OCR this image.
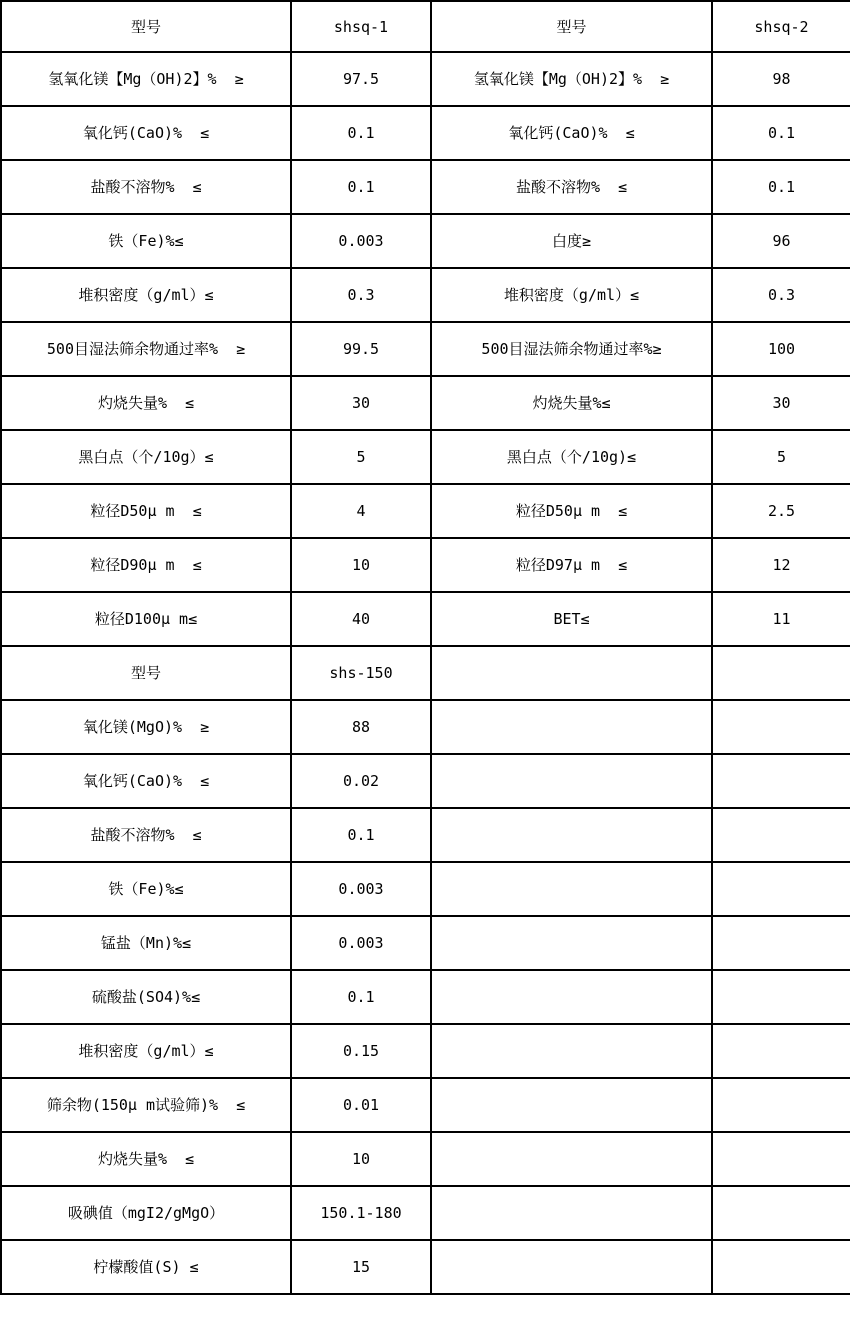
型号	shsq-1	型号	shsq-2
氢氧化镁【Mg（OH)2】%  ≥	97.5	氢氧化镁【Mg（OH)2】%  ≥	98
氧化钙(CaO)%  ≤	0.1	氧化钙(CaO)%  ≤	0.1
盐酸不溶物%  ≤	0.1	盐酸不溶物%  ≤	0.1
铁（Fe)%≤	0.003	白度≥	96
堆积密度（g/ml）≤	0.3	堆积密度（g/ml）≤	0.3
500目湿法筛余物通过率%  ≥	99.5	500目湿法筛余物通过率%≥	100
灼烧失量%  ≤	30	灼烧失量%≤	30
黑白点（个/10g）≤	5	黑白点（个/10g)≤	5
粒径D50μ m  ≤	4	粒径D50μ m  ≤	2.5
粒径D90μ m  ≤	10	粒径D97μ m  ≤	12
粒径D100μ m≤	40	BET≤	11
型号	shs-150		
氧化镁(MgO)%  ≥	88		
氧化钙(CaO)%  ≤	0.02		
盐酸不溶物%  ≤	0.1		
铁（Fe)%≤	0.003		
锰盐（Mn)%≤	0.003		
硫酸盐(SO4)%≤	0.1		
堆积密度（g/ml）≤	0.15		
筛余物(150μ m试验筛)%  ≤	0.01		
灼烧失量%  ≤	10		
吸碘值（mgI2/gMgO）	150.1-180		
柠檬酸值(S) ≤	15		
